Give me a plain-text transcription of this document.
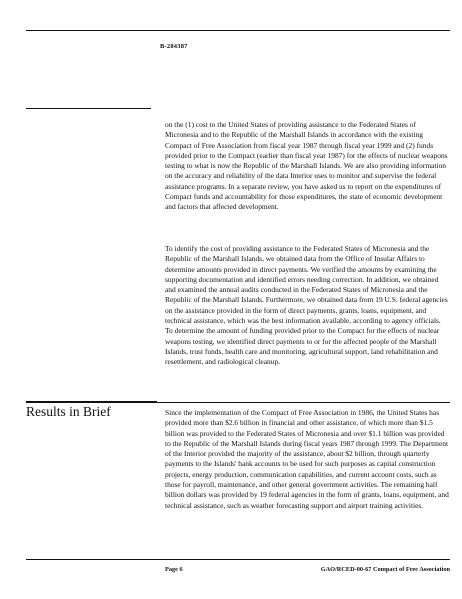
B-284387

on the (1) cost to the United States of providing assistance to the Federated States of Micronesia and to the Republic of the Marshall Islands in accordance with the existing Compact of Free Association from fiscal year 1987 through fiscal year 1999 and (2) funds provided prior to the Compact (earlier than fiscal year 1987) for the effects of nuclear weapons testing to what is now the Republic of the Marshall Islands. We are also providing information on the accuracy and reliability of the data Interior uses to monitor and supervise the federal assistance programs. In a separate review, you have asked us to report on the expenditures of Compact funds and accountability for those expenditures, the state of economic development and factors that affected development.

To identify the cost of providing assistance to the Federated States of Micronesia and the Republic of the Marshall Islands, we obtained data from the Office of Insular Affairs to determine amounts provided in direct payments. We verified the amounts by examining the supporting documentation and identified errors needing correction. In addition, we obtained and examined the annual audits conducted in the Federated States of Micronesia and the Republic of the Marshall Islands. Furthermore, we obtained data from 19 U.S. federal agencies on the assistance provided in the form of direct payments, grants, loans, equipment, and technical assistance, which was the best information available, according to agency officials. To determine the amount of funding provided prior to the Compact for the effects of nuclear weapons testing, we identified direct payments to or for the affected people of the Marshall Islands, trust funds, health care and monitoring, agricultural support, land rehabilitation and resettlement, and radiological cleanup.

Results in Brief	Since the implementation of the Compact of Free Association in 1986, the United States has provided more than $2.6 billion in financial and other assistance, of which more than $1.5 billion was provided to the Federated States of Micronesia and over $1.1 billion was provided to the Republic of the Marshall Islands during fiscal years 1987 through 1999. The Department of the Interior provided the majority of the assistance, about $2 billion, through quarterly payments to the Islands' bank accounts to be used for such purposes as capital construction projects, energy production, communication capabilities, and current account costs, such as those for payroll, maintenance, and other general government activities. The remaining half billion dollars was provided by 19 federal agencies in the form of grants, loans, equipment, and technical assistance, such as weather forecasting support and airport training activities.

Page 6	GAO/RCED-00-67 Compact of Free Association
